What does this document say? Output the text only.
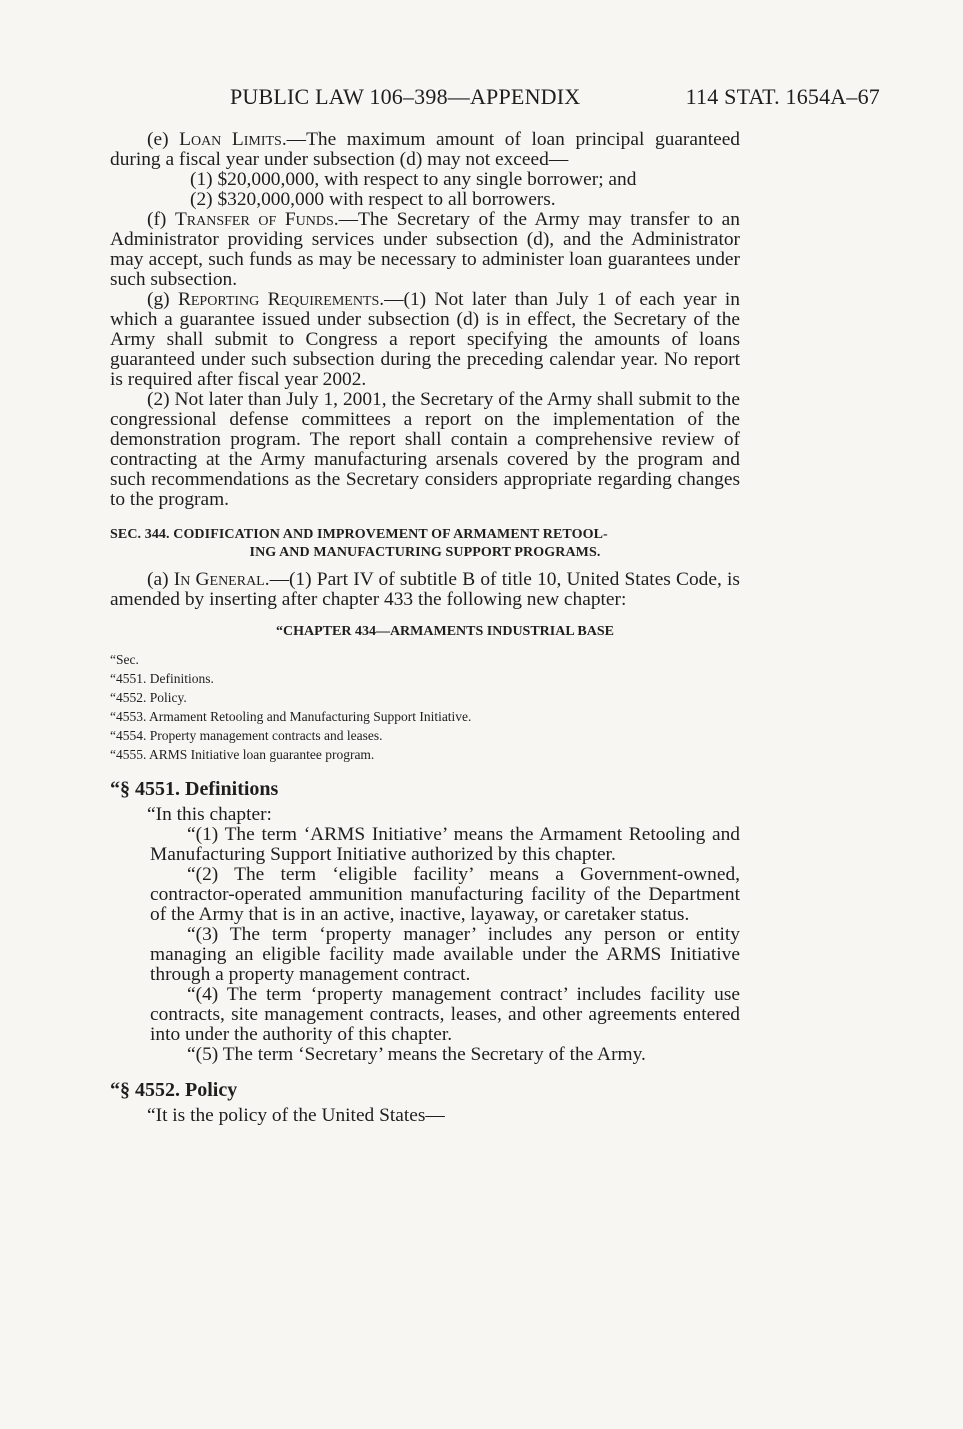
PUBLIC LAW 106–398—APPENDIX	114 STAT. 1654A–67

(e) Loan Limits.—The maximum amount of loan principal guaranteed during a fiscal year under subsection (d) may not exceed—

(1) $20,000,000, with respect to any single borrower; and
(2) $320,000,000 with respect to all borrowers.

(f) Transfer of Funds.—The Secretary of the Army may transfer to an Administrator providing services under subsection (d), and the Administrator may accept, such funds as may be necessary to administer loan guarantees under such subsection.

(g) Reporting Requirements.—(1) Not later than July 1 of each year in which a guarantee issued under subsection (d) is in effect, the Secretary of the Army shall submit to Congress a report specifying the amounts of loans guaranteed under such subsection during the preceding calendar year. No report is required after fiscal year 2002.

(2) Not later than July 1, 2001, the Secretary of the Army shall submit to the congressional defense committees a report on the implementation of the demonstration program. The report shall contain a comprehensive review of contracting at the Army manufacturing arsenals covered by the program and such recommendations as the Secretary considers appropriate regarding changes to the program.

SEC. 344. CODIFICATION AND IMPROVEMENT OF ARMAMENT RETOOL-
ING AND MANUFACTURING SUPPORT PROGRAMS.

(a) In General.—(1) Part IV of subtitle B of title 10, United States Code, is amended by inserting after chapter 433 the following new chapter:

“CHAPTER 434—ARMAMENTS INDUSTRIAL BASE
“Sec.
“4551. Definitions.
“4552. Policy.
“4553. Armament Retooling and Manufacturing Support Initiative.
“4554. Property management contracts and leases.
“4555. ARMS Initiative loan guarantee program.
“§ 4551. Definitions

“In this chapter:

“(1) The term ‘ARMS Initiative’ means the Armament Retooling and Manufacturing Support Initiative authorized by this chapter.

“(2) The term ‘eligible facility’ means a Government-owned, contractor-operated ammunition manufacturing facility of the Department of the Army that is in an active, inactive, layaway, or caretaker status.

“(3) The term ‘property manager’ includes any person or entity managing an eligible facility made available under the ARMS Initiative through a property management contract.

“(4) The term ‘property management contract’ includes facility use contracts, site management contracts, leases, and other agreements entered into under the authority of this chapter.

“(5) The term ‘Secretary’ means the Secretary of the Army.

“§ 4552. Policy

“It is the policy of the United States—
